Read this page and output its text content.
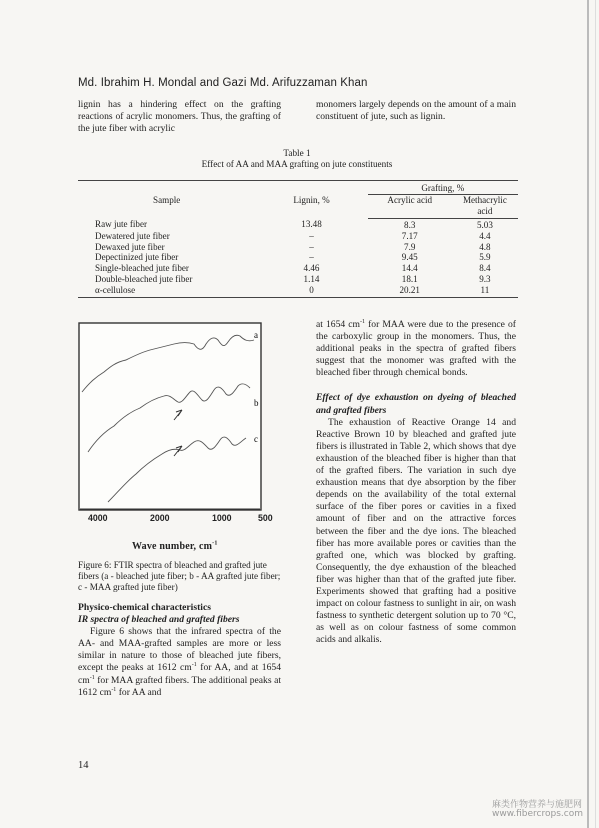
Md. Ibrahim H. Mondal and Gazi Md. Arifuzzaman Khan

lignin has a hindering effect on the grafting reactions of acrylic monomers. Thus, the grafting of the jute fiber with acrylic

monomers largely depends on the amount of a main constituent of jute, such as lignin.

Table 1
Effect of AA and MAA grafting on jute constituents
Sample	Lignin, %	Grafting, %	
		Acrylic acid	Methacrylic
acid
Raw jute fiber	13.48	8.3	5.03
Dewatered jute fiber	–	7.17	4.4
Dewaxed jute fiber	–	7.9	4.8
Depectinized jute fiber	–	9.45	5.9
Single-bleached jute fiber	4.46	14.4	8.4
Double-bleached jute fiber	1.14	18.1	9.3
α-cellulose	0	20.21	11
a
b
c
4000	2000	1000	500
Wave number, $cm^{-1}$
Figure 6: FTIR spectra of bleached and grafted jute fibers (a - bleached jute fiber; b - AA grafted jute fiber; c - MAA grafted jute fiber)

Physico-chemical characteristics

IR spectra of bleached and grafted fibers

Figure 6 shows that the infrared spectra of the AA- and MAA-grafted samples are more or less similar in nature to those of bleached jute fibers, except the peaks at 1612 $cm^{-1}$ for AA, and at 1654 $cm^{-1}$ for MAA grafted fibers. The additional peaks at 1612 $cm^{-1}$ for AA and

at 1654 $cm^{-1}$ for MAA were due to the presence of the carboxylic group in the monomers. Thus, the additional peaks in the spectra of grafted fibers suggest that the monomer was grafted with the bleached fiber through chemical bonds.

Effect of dye exhaustion on dyeing of bleached and grafted fibers

The exhaustion of Reactive Orange 14 and Reactive Brown 10 by bleached and grafted jute fibers is illustrated in Table 2, which shows that dye exhaustion of the bleached fiber is higher than that of the grafted fibers. The variation in such dye exhaustion means that dye absorption by the fiber depends on the availability of the total external surface of the fiber pores or cavities in a fixed amount of fiber and on the attractive forces between the fiber and the dye ions. The bleached fiber has more available pores or cavities than the grafted one, which was blocked by grafting. Consequently, the dye exhaustion of the bleached fiber was higher than that of the grafted jute fiber. Experiments showed that grafting had a positive impact on colour fastness to sunlight in air, on wash fastness to synthetic detergent solution up to 70 °C, as well as on colour fastness of some common acids and alkalis.

14
麻类作物营养与施肥网
www.fibercrops.com
